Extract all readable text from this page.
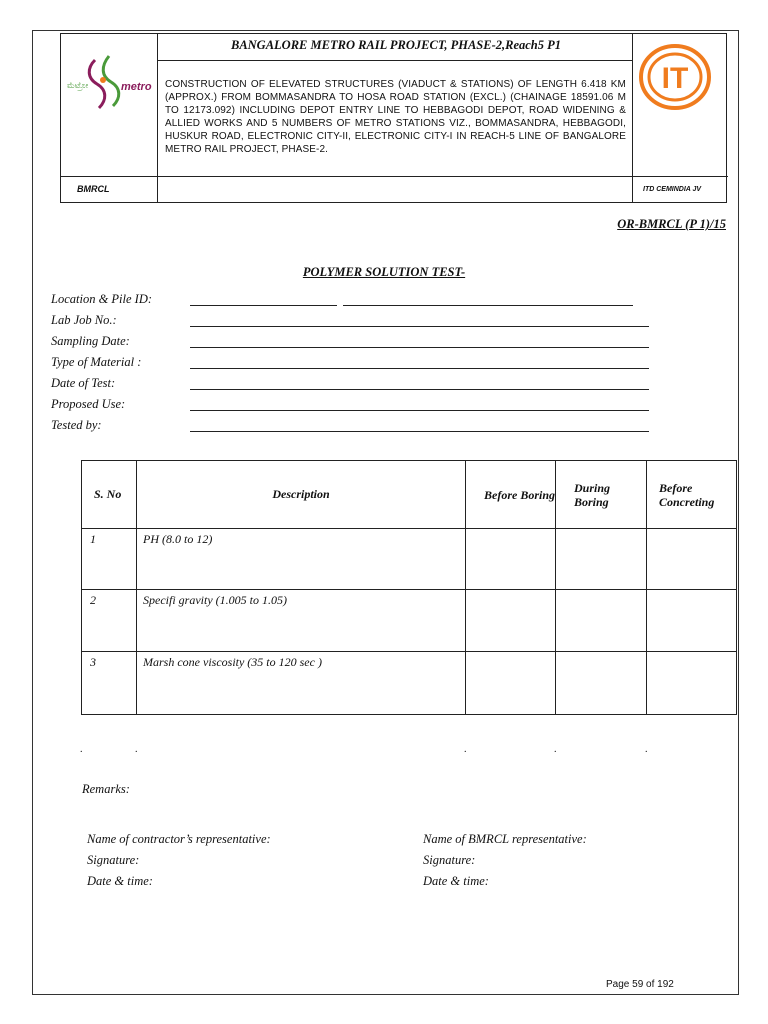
ಮೆಟ್ರೋ	metro
BANGALORE METRO RAIL PROJECT, PHASE-2,Reach5 P1
CONSTRUCTION OF ELEVATED STRUCTURES (VIADUCT & STATIONS) OF LENGTH 6.418 KM (APPROX.) FROM BOMMASANDRA TO HOSA ROAD STATION (EXCL.) (CHAINAGE 18591.06 M TO 12173.092) INCLUDING DEPOT ENTRY LINE TO HEBBAGODI DEPOT, ROAD WIDENING & ALLIED WORKS AND 5 NUMBERS OF METRO STATIONS VIZ., BOMMASANDRA, HEBBAGODI, HUSKUR ROAD, ELECTRONIC CITY-II, ELECTRONIC CITY-I IN REACH-5 LINE OF BANGALORE METRO RAIL PROJECT, PHASE-2.
IT
BMRCL	ITD CEMINDIA JV
OR-BMRCL (P 1)/15
POLYMER SOLUTION TEST-
Location & Pile ID:
Lab Job No.:
Sampling Date:
Type of Material :
Date of Test:
Proposed Use:
Tested by:
S. No	Description	Before Boring	During Boring	Before Concreting
1	PH (8.0 to 12)			
2	Specifi gravity (1.005 to 1.05)			
3	Marsh cone viscosity (35 to 120 sec )			
.	.	.	.	.
Remarks:
Name of contractor’s representative:
Signature:
Date & time:
Name of BMRCL representative:
Signature:
Date & time:
Page 59 of 192
